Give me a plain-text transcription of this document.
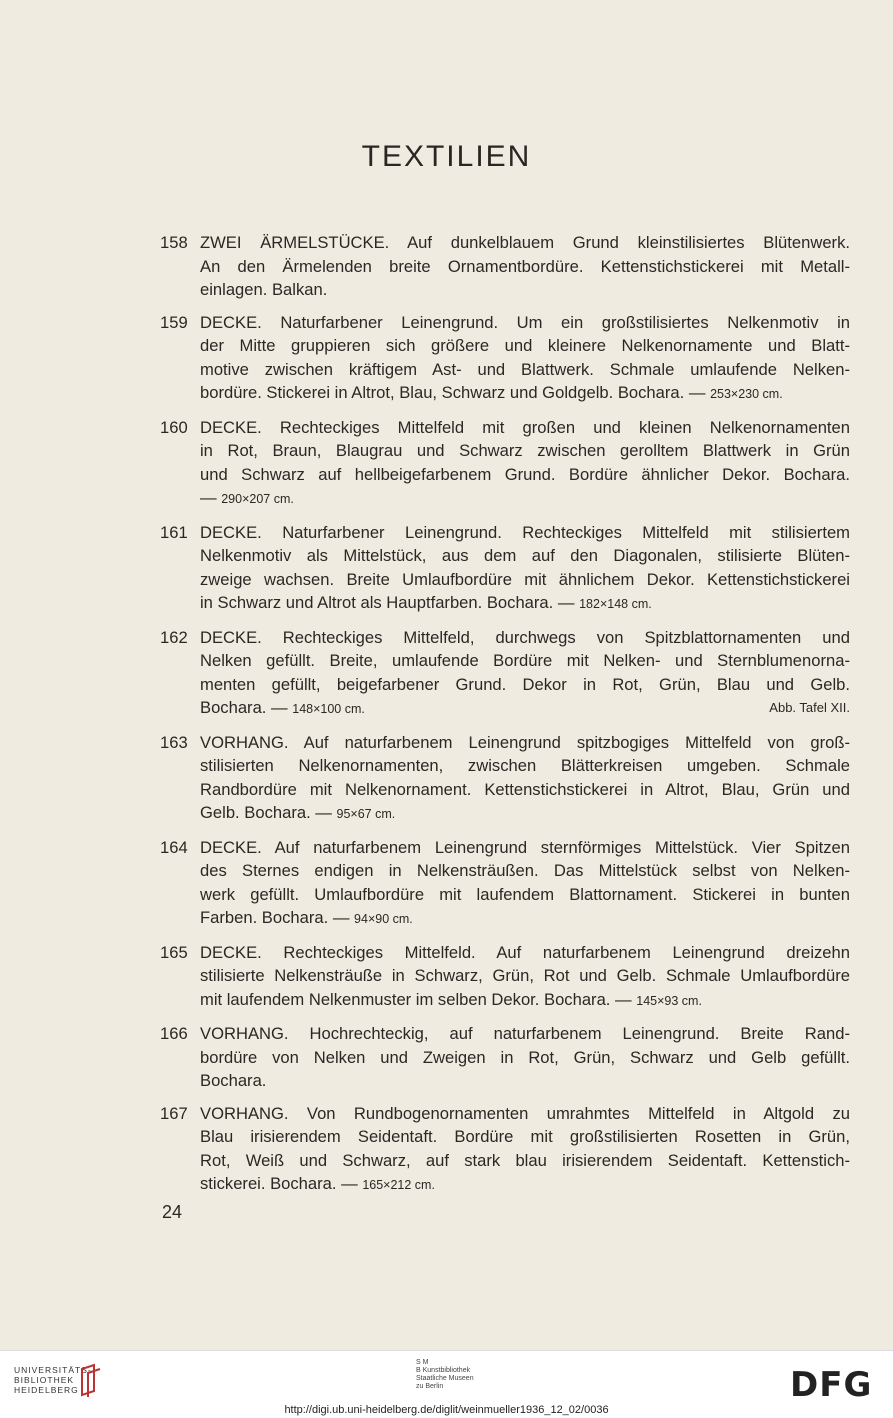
TEXTILIEN
158 ZWEI ÄRMELSTÜCKE. Auf dunkelblauem Grund kleinstilisiertes Blütenwerk.
An den Ärmelenden breite Ornamentbordüre. Kettenstichstickerei mit Metall-
einlagen. Balkan.
159 DECKE. Naturfarbener Leinengrund. Um ein großstilisiertes Nelkenmotiv in
der Mitte gruppieren sich größere und kleinere Nelkenornamente und Blatt-
motive zwischen kräftigem Ast- und Blattwerk. Schmale umlaufende Nelken-
bordüre. Stickerei in Altrot, Blau, Schwarz und Goldgelb. Bochara. — 253×230 cm.
160 DECKE. Rechteckiges Mittelfeld mit großen und kleinen Nelkenornamenten
in Rot, Braun, Blaugrau und Schwarz zwischen gerolltem Blattwerk in Grün
und Schwarz auf hellbeigefarbenem Grund. Bordüre ähnlicher Dekor. Bochara.
— 290×207 cm.
161 DECKE. Naturfarbener Leinengrund. Rechteckiges Mittelfeld mit stilisiertem
Nelkenmotiv als Mittelstück, aus dem auf den Diagonalen, stilisierte Blüten-
zweige wachsen. Breite Umlaufbordüre mit ähnlichem Dekor. Kettenstichstickerei
in Schwarz und Altrot als Hauptfarben. Bochara. — 182×148 cm.
162 DECKE. Rechteckiges Mittelfeld, durchwegs von Spitzblattornamenten und
Nelken gefüllt. Breite, umlaufende Bordüre mit Nelken- und Sternblumenorna-
menten gefüllt, beigefarbener Grund. Dekor in Rot, Grün, Blau und Gelb.
Bochara. — 148×100 cm.	Abb. Tafel XII.
163 VORHANG. Auf naturfarbenem Leinengrund spitzbogiges Mittelfeld von groß-
stilisierten Nelkenornamenten, zwischen Blätterkreisen umgeben. Schmale
Randbordüre mit Nelkenornament. Kettenstichstickerei in Altrot, Blau, Grün und
Gelb. Bochara. — 95×67 cm.
164 DECKE. Auf naturfarbenem Leinengrund sternförmiges Mittelstück. Vier Spitzen
des Sternes endigen in Nelkensträußen. Das Mittelstück selbst von Nelken-
werk gefüllt. Umlaufbordüre mit laufendem Blattornament. Stickerei in bunten
Farben. Bochara. — 94×90 cm.
165 DECKE. Rechteckiges Mittelfeld. Auf naturfarbenem Leinengrund dreizehn
stilisierte Nelkensträuße in Schwarz, Grün, Rot und Gelb. Schmale Umlaufbordüre
mit laufendem Nelkenmuster im selben Dekor. Bochara. — 145×93 cm.
166 VORHANG. Hochrechteckig, auf naturfarbenem Leinengrund. Breite Rand-
bordüre von Nelken und Zweigen in Rot, Grün, Schwarz und Gelb gefüllt.
Bochara.
167 VORHANG. Von Rundbogenornamenten umrahmtes Mittelfeld in Altgold zu
Blau irisierendem Seidentaft. Bordüre mit großstilisierten Rosetten in Grün,
Rot, Weiß und Schwarz, auf stark blau irisierendem Seidentaft. Kettenstich-
stickerei. Bochara. — 165×212 cm.
24
UNIVERSITÄTS-
BIBLIOTHEK
HEIDELBERG
S M
B Kunstbibliothek
Staatliche Museen
zu Berlin	DFG
http://digi.ub.uni-heidelberg.de/diglit/weinmueller1936_12_02/0036
